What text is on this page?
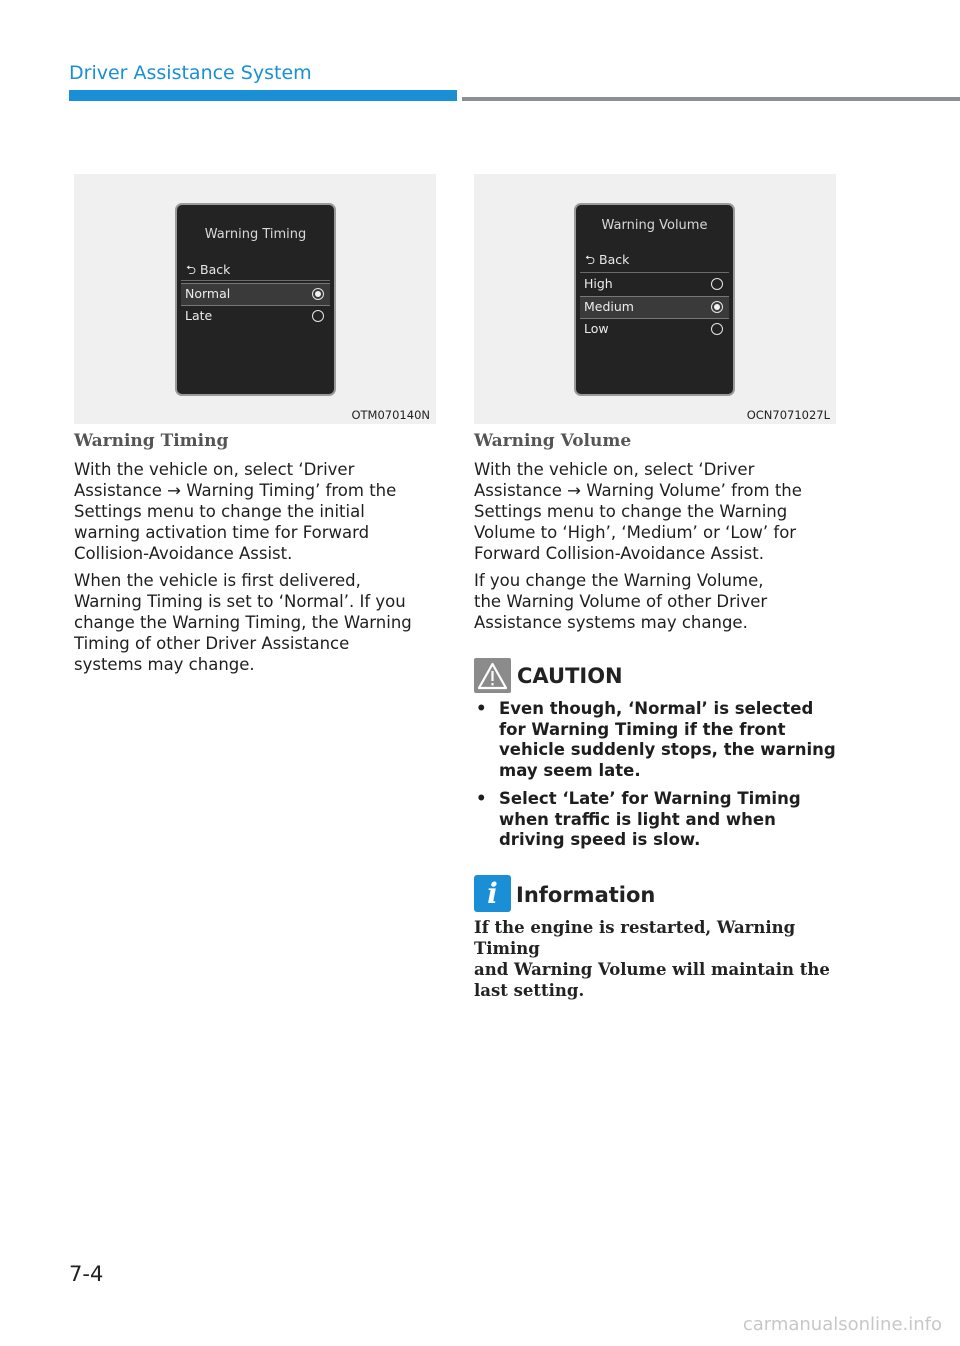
Driver Assistance System
Warning Timing
⮌ Back
Normal
Late
OTM070140N
Warning Volume
⮌ Back
High
Medium
Low
OCN7071027L
Warning Timing
With the vehicle on, select ‘Driver
Assistance → Warning Timing’ from the
Settings menu to change the initial
warning activation time for Forward
Collision-Avoidance Assist.
When the vehicle is first delivered,
Warning Timing is set to ‘Normal’. If you
change the Warning Timing, the Warning
Timing of other Driver Assistance
systems may change.
Warning Volume
With the vehicle on, select ‘Driver
Assistance → Warning Volume’ from the
Settings menu to change the Warning
Volume to ‘High’, ‘Medium’ or ‘Low’ for
Forward Collision-Avoidance Assist.
If you change the Warning Volume,
the Warning Volume of other Driver
Assistance systems may change.
CAUTION
• Even though, ‘Normal’ is selected for Warning Timing if the front vehicle suddenly stops, the warning may seem late.
• Select ‘Late’ for Warning Timing when traffic is light and when driving speed is slow.
i Information
If the engine is restarted, Warning Timing
and Warning Volume will maintain the
last setting.
7-4
carmanualsonline.info
